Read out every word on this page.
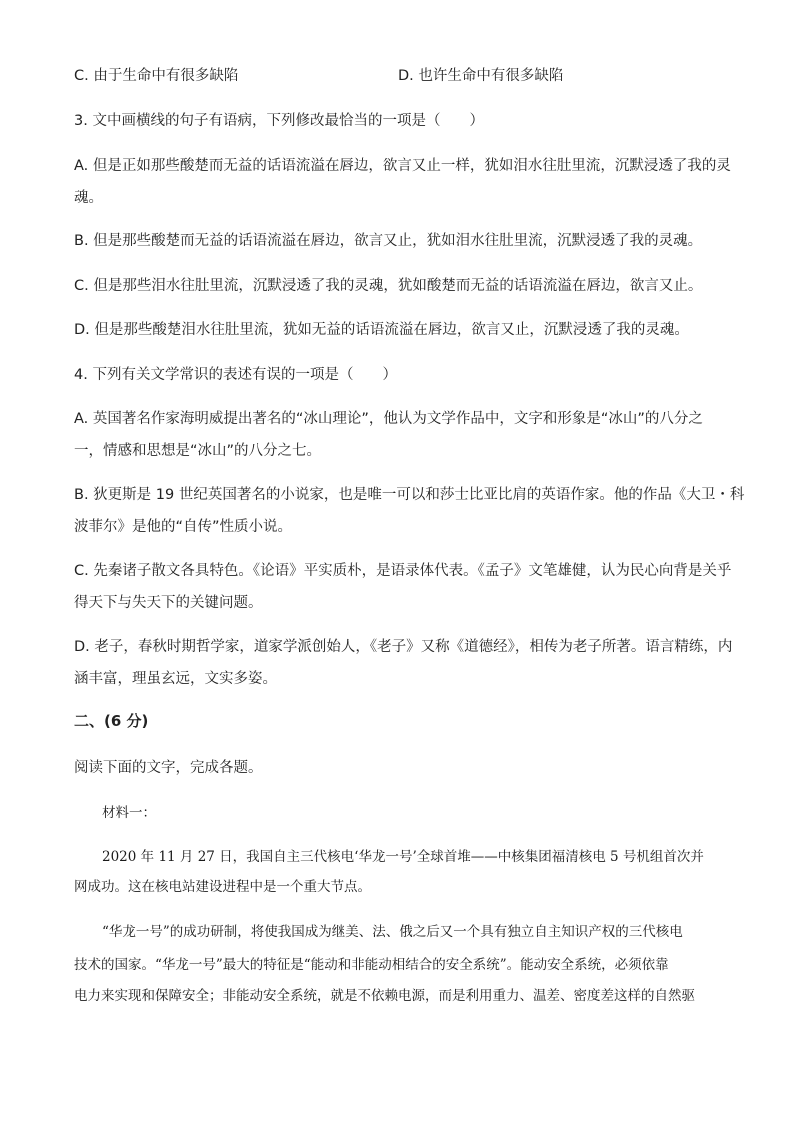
C. 由于生命中有很多缺陷	D. 也许生命中有很多缺陷
3. 文中画横线的句子有语病，下列修改最恰当的一项是（　　）
A. 但是正如那些酸楚而无益的话语流溢在唇边，欲言又止一样，犹如泪水往肚里流，沉默浸透了我的灵
魂。
B. 但是那些酸楚而无益的话语流溢在唇边，欲言又止，犹如泪水往肚里流，沉默浸透了我的灵魂。
C. 但是那些泪水往肚里流，沉默浸透了我的灵魂，犹如酸楚而无益的话语流溢在唇边，欲言又止。
D. 但是那些酸楚泪水往肚里流，犹如无益的话语流溢在唇边，欲言又止，沉默浸透了我的灵魂。
4. 下列有关文学常识的表述有误的一项是（　　）
A. 英国著名作家海明威提出著名的“冰山理论”，他认为文学作品中，文字和形象是“冰山”的八分之
一，情感和思想是“冰山”的八分之七。
B. 狄更斯是 19 世纪英国著名的小说家，也是唯一可以和莎士比亚比肩的英语作家。他的作品《大卫・科
波菲尔》是他的“自传”性质小说。
C. 先秦诸子散文各具特色。《论语》平实质朴，是语录体代表。《孟子》文笔雄健，认为民心向背是关乎
得天下与失天下的关键问题。
D. 老子，春秋时期哲学家，道家学派创始人，《老子》又称《道德经》，相传为老子所著。语言精练，内
涵丰富，理虽玄远，文实多姿。
二、(6 分)
阅读下面的文字，完成各题。
材料一：
2020 年 11 月 27 日，我国自主三代核电‘华龙一号’全球首堆——中核集团福清核电 5 号机组首次并
网成功。这在核电站建设进程中是一个重大节点。
“华龙一号”的成功研制，将使我国成为继美、法、俄之后又一个具有独立自主知识产权的三代核电
技术的国家。“华龙一号”最大的特征是“能动和非能动相结合的安全系统”。能动安全系统，必须依靠
电力来实现和保障安全；非能动安全系统，就是不依赖电源，而是利用重力、温差、密度差这样的自然驱
